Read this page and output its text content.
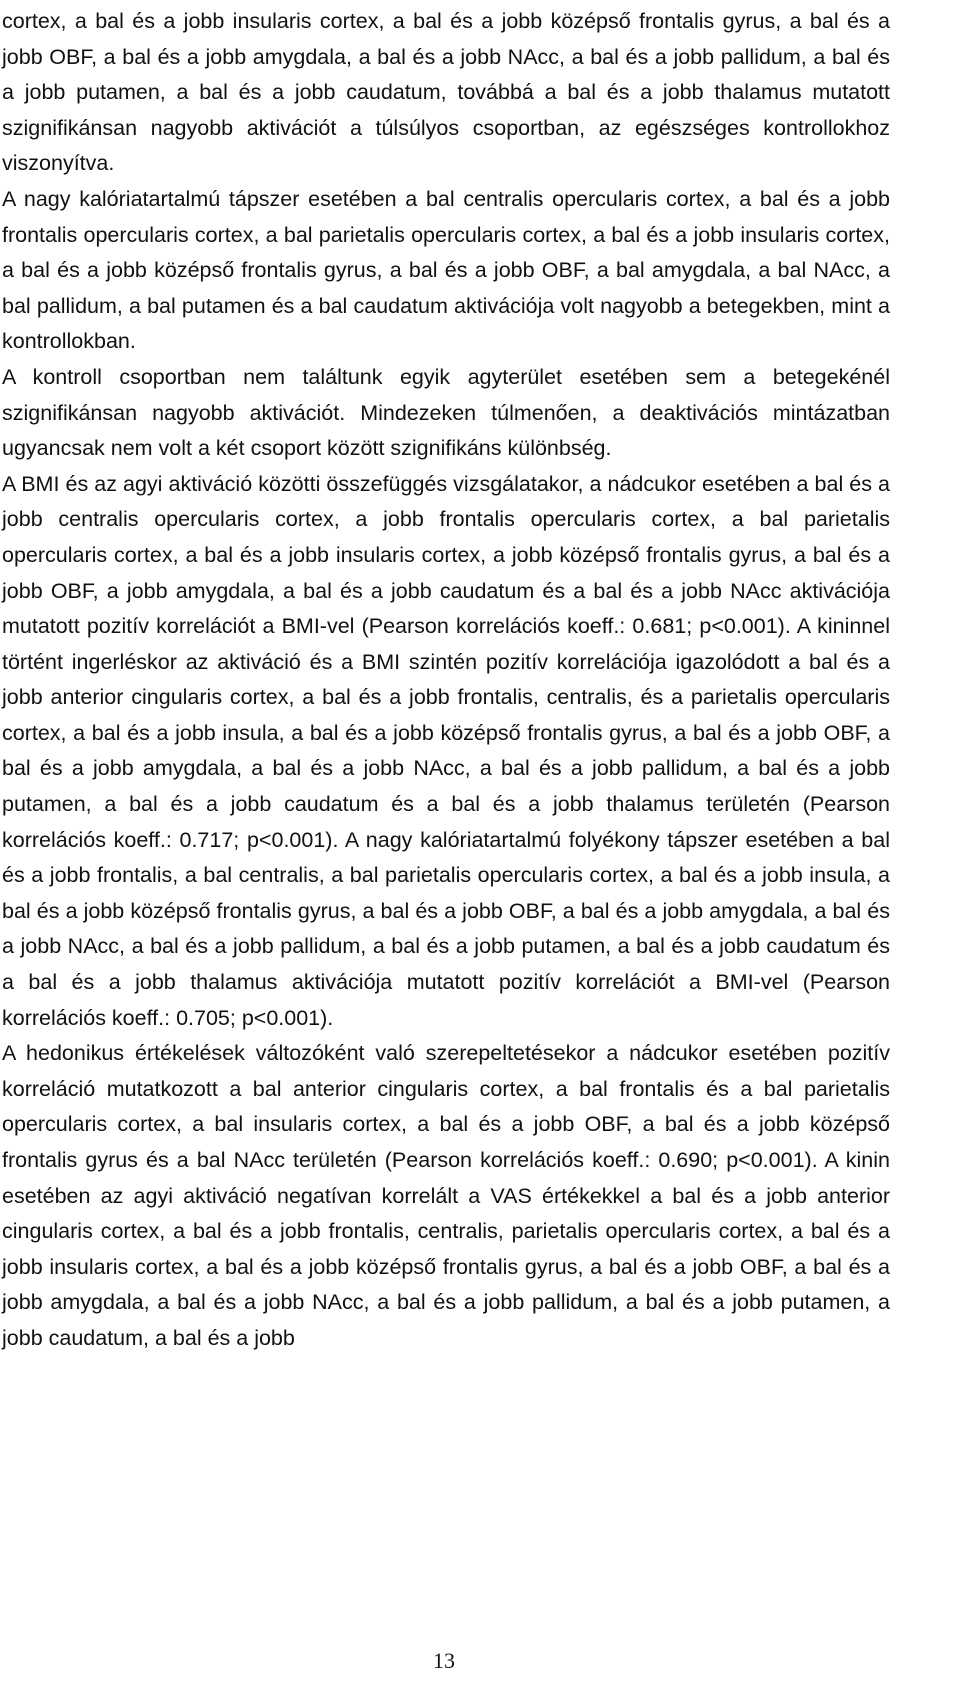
cortex, a bal és a jobb insularis cortex, a bal és a jobb középső frontalis gyrus, a bal és a jobb OBF, a bal és a jobb amygdala, a bal és a jobb NAcc, a bal és a jobb pallidum, a bal és a jobb putamen, a bal és a jobb caudatum, továbbá a bal és a jobb thalamus mutatott szignifikánsan nagyobb aktivációt a túlsúlyos csoportban, az egészséges kontrollokhoz viszonyítva.

A nagy kalóriatartalmú tápszer esetében a bal centralis opercularis cortex, a bal és a jobb frontalis opercularis cortex, a bal parietalis opercularis cortex, a bal és a jobb insularis cortex, a bal és a jobb középső frontalis gyrus, a bal és a jobb OBF, a bal amygdala, a bal NAcc, a bal pallidum, a bal putamen és a bal caudatum aktivációja volt nagyobb a betegekben, mint a kontrollokban.

A kontroll csoportban nem találtunk egyik agyterület esetében sem a betegekénél szignifikánsan nagyobb aktivációt. Mindezeken túlmenően, a deaktivációs mintázatban ugyancsak nem volt a két csoport között szignifikáns különbség.

A BMI és az agyi aktiváció közötti összefüggés vizsgálatakor, a nádcukor esetében a bal és a jobb centralis opercularis cortex, a jobb frontalis opercularis cortex, a bal parietalis opercularis cortex, a bal és a jobb insularis cortex, a jobb középső frontalis gyrus, a bal és a jobb OBF, a jobb amygdala, a bal és a jobb caudatum és a bal és a jobb NAcc aktivációja mutatott pozitív korrelációt a BMI-vel (Pearson korrelációs koeff.: 0.681; p<0.001). A kininnel történt ingerléskor az aktiváció és a BMI szintén pozitív korrelációja igazolódott a bal és a jobb anterior cingularis cortex, a bal és a jobb frontalis, centralis, és a parietalis opercularis cortex, a bal és a jobb insula, a bal és a jobb középső frontalis gyrus, a bal és a jobb OBF, a bal és a jobb amygdala, a bal és a jobb NAcc, a bal és a jobb pallidum, a bal és a jobb putamen, a bal és a jobb caudatum és a bal és a jobb thalamus területén (Pearson korrelációs koeff.: 0.717; p<0.001). A nagy kalóriatartalmú folyékony tápszer esetében a bal és a jobb frontalis, a bal centralis, a bal parietalis opercularis cortex, a bal és a jobb insula, a bal és a jobb középső frontalis gyrus, a bal és a jobb OBF, a bal és a jobb amygdala, a bal és a jobb NAcc, a bal és a jobb pallidum, a bal és a jobb putamen, a bal és a jobb caudatum és a bal és a jobb thalamus aktivációja mutatott pozitív korrelációt a BMI-vel (Pearson korrelációs koeff.: 0.705; p<0.001).

A hedonikus értékelések változóként való szerepeltetésekor a nádcukor esetében pozitív korreláció mutatkozott a bal anterior cingularis cortex, a bal frontalis és a bal parietalis opercularis cortex, a bal insularis cortex, a bal és a jobb OBF, a bal és a jobb középső frontalis gyrus és a bal NAcc területén (Pearson korrelációs koeff.: 0.690; p<0.001). A kinin esetében az agyi aktiváció negatívan korrelált a VAS értékekkel a bal és a jobb anterior cingularis cortex, a bal és a jobb frontalis, centralis, parietalis opercularis cortex, a bal és a jobb insularis cortex, a bal és a jobb középső frontalis gyrus, a bal és a jobb OBF, a bal és a jobb amygdala, a bal és a jobb NAcc, a bal és a jobb pallidum, a bal és a jobb putamen, a jobb caudatum, a bal és a jobb

13
